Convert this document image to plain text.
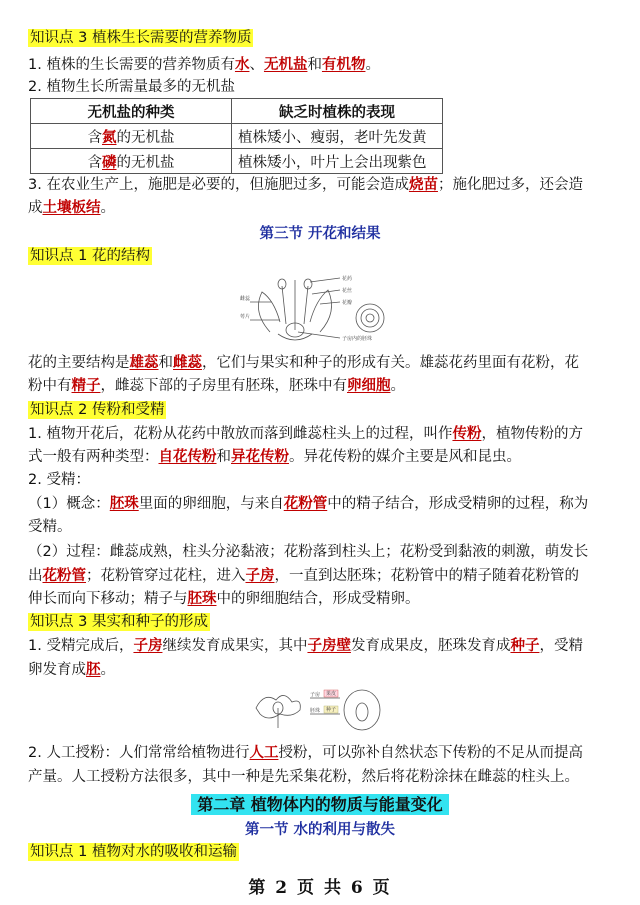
知识点 3 植株生长需要的营养物质
1. 植株的生长需要的营养物质有水、无机盐和有机物。
2. 植物生长所需量最多的无机盐
无机盐的种类	缺乏时植株的表现
含氮的无机盐	植株矮小、瘦弱，老叶先发黄
含磷的无机盐	植株矮小，叶片上会出现紫色
3. 在农业生产上，施肥是必要的，但施肥过多，可能会造成烧苗；施化肥过多，还会造
成土壤板结。
第三节 开花和结果
知识点 1 花的结构
花药
花丝
花瓣
子房内的胚珠
雌蕊
萼片
花的主要结构是雄蕊和雌蕊，它们与果实和种子的形成有关。雄蕊花药里面有花粉，花
粉中有精子，雌蕊下部的子房里有胚珠，胚珠中有卵细胞。
知识点 2 传粉和受精
1. 植物开花后，花粉从花药中散放而落到雌蕊柱头上的过程，叫作传粉，植物传粉的方
式一般有两种类型：自花传粉和异花传粉。异花传粉的媒介主要是风和昆虫。
2. 受精：
（1）概念：胚珠里面的卵细胞，与来自花粉管中的精子结合，形成受精卵的过程，称为
受精。
（2）过程：雌蕊成熟，柱头分泌黏液；花粉落到柱头上；花粉受到黏液的刺激，萌发长
出花粉管；花粉管穿过花柱，进入子房，一直到达胚珠；花粉管中的精子随着花粉管的
伸长而向下移动；精子与胚珠中的卵细胞结合，形成受精卵。
知识点 3 果实和种子的形成
1. 受精完成后，子房继续发育成果实，其中子房壁发育成果皮，胚珠发育成种子，受精
卵发育成胚。
果皮
种子
子房
胚珠
2. 人工授粉：人们常常给植物进行人工授粉，可以弥补自然状态下传粉的不足从而提高
产量。人工授粉方法很多，其中一种是先采集花粉，然后将花粉涂抹在雌蕊的柱头上。
第二章 植物体内的物质与能量变化
第一节 水的利用与散失
知识点 1 植物对水的吸收和运输
第 2 页 共 6 页
